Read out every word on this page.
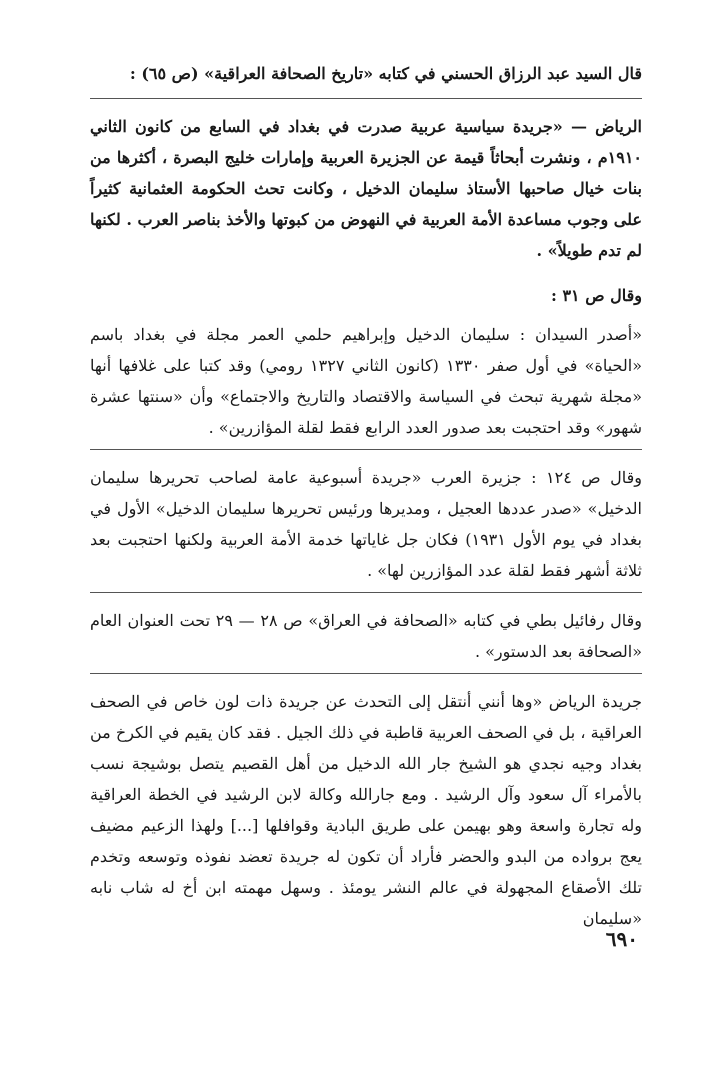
قال السيد عبد الرزاق الحسني في كتابه «تاريخ الصحافة العراقية» (ص ٦٥) :

الرياض — «جريدة سياسية عربية صدرت في بغداد في السابع من كانون الثاني ١٩١٠م ، ونشرت أبحاثاً قيمة عن الجزيرة العربية وإمارات خليج البصرة ، أكثرها من بنات خيال صاحبها الأستاذ سليمان الدخيل ، وكانت تحث الحكومة العثمانية كثيراً على وجوب مساعدة الأمة العربية في النهوض من كبوتها والأخذ بناصر العرب . لكنها لم تدم طويلاً» .

وقال ص ٣١ :

«أصدر السيدان : سليمان الدخيل وإبراهيم حلمي العمر مجلة في بغداد باسم «الحياة» في أول صفر ١٣٣٠ (كانون الثاني ١٣٢٧ رومي) وقد كتبا على غلافها أنها «مجلة شهرية تبحث في السياسة والاقتصاد والتاريخ والاجتماع» وأن «سنتها عشرة شهور» وقد احتجبت بعد صدور العدد الرابع فقط لقلة المؤازرين» .

وقال ص ١٢٤ : جزيرة العرب «جريدة أسبوعية عامة لصاحب تحريرها سليمان الدخيل» «صدر عددها العجيل ، ومديرها ورئيس تحريرها سليمان الدخيل» الأول في بغداد في يوم الأول ١٩٣١) فكان جل غاياتها خدمة الأمة العربية ولكنها احتجبت بعد ثلاثة أشهر فقط لقلة عدد المؤازرين لها» .

وقال رفائيل بطي في كتابه «الصحافة في العراق» ص ٢٨ — ٢٩ تحت العنوان العام «الصحافة بعد الدستور» .

جريدة الرياض «وها أنني أنتقل إلى التحدث عن جريدة ذات لون خاص في الصحف العراقية ، بل في الصحف العربية قاطبة في ذلك الجيل . فقد كان يقيم في الكرخ من بغداد وجيه نجدي هو الشيخ جار الله الدخيل من أهل القصيم يتصل بوشيجة نسب بالأمراء آل سعود وآل الرشيد . ومع جارالله وكالة لابن الرشيد في الخطة العراقية وله تجارة واسعة وهو بهيمن على طريق البادية وقوافلها [...] ولهذا الزعيم مضيف يعج برواده من البدو والحضر فأراد أن تكون له جريدة تعضد نفوذه وتوسعه وتخدم تلك الأصقاع المجهولة في عالم النشر يومئذ . وسهل مهمته ابن أخ له شاب نابه «سليمان

٦٩٠
